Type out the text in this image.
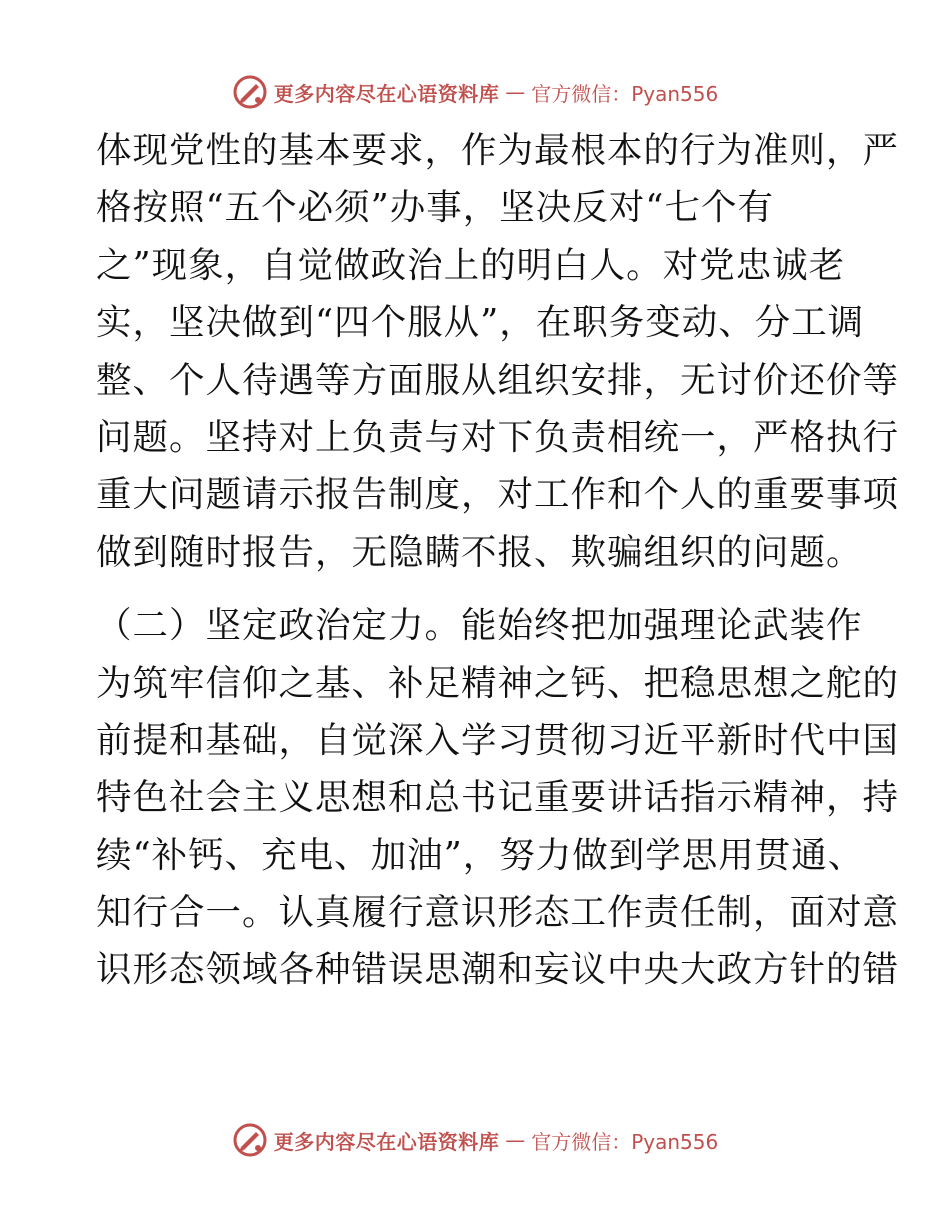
更多内容尽在心语资料库 — 官方微信：Pyan556
体现党性的基本要求，作为最根本的行为准则，严
格按照“五个必须”办事，坚决反对“七个有
之”现象，自觉做政治上的明白人。对党忠诚老
实，坚决做到“四个服从”，在职务变动、分工调
整、个人待遇等方面服从组织安排，无讨价还价等
问题。坚持对上负责与对下负责相统一，严格执行
重大问题请示报告制度，对工作和个人的重要事项
做到随时报告，无隐瞒不报、欺骗组织的问题。
（二）坚定政治定力。能始终把加强理论武装作
为筑牢信仰之基、补足精神之钙、把稳思想之舵的
前提和基础，自觉深入学习贯彻习近平新时代中国
特色社会主义思想和总书记重要讲话指示精神，持
续“补钙、充电、加油”，努力做到学思用贯通、
知行合一。认真履行意识形态工作责任制，面对意
识形态领域各种错误思潮和妄议中央大政方针的错
更多内容尽在心语资料库 — 官方微信：Pyan556
